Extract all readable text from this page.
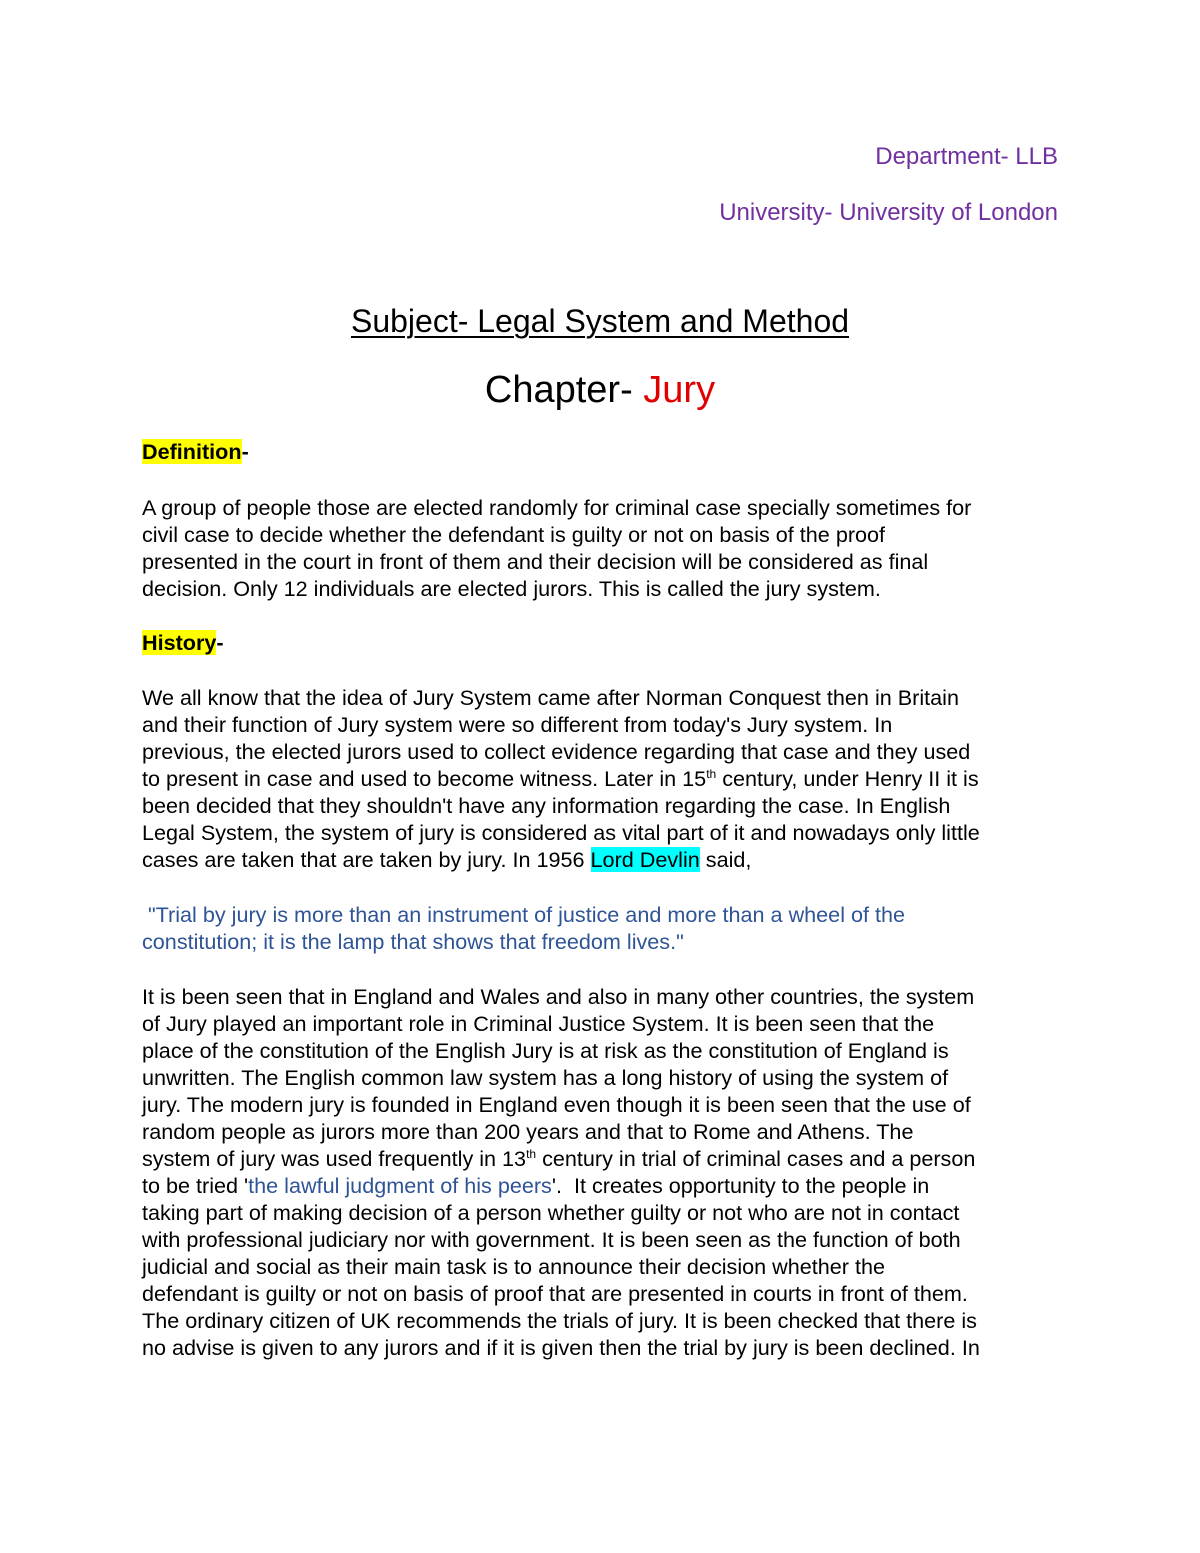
Department- LLB
University- University of London
Subject- Legal System and Method
Chapter- Jury
Definition-
A group of people those are elected randomly for criminal case specially sometimes for
civil case to decide whether the defendant is guilty or not on basis of the proof
presented in the court in front of them and their decision will be considered as final
decision. Only 12 individuals are elected jurors. This is called the jury system.
History-
We all know that the idea of Jury System came after Norman Conquest then in Britain
and their function of Jury system were so different from today's Jury system. In
previous, the elected jurors used to collect evidence regarding that case and they used
to present in case and used to become witness. Later in 15th century, under Henry II it is
been decided that they shouldn't have any information regarding the case. In English
Legal System, the system of jury is considered as vital part of it and nowadays only little
cases are taken that are taken by jury. In 1956 Lord Devlin said,
"Trial by jury is more than an instrument of justice and more than a wheel of the
constitution; it is the lamp that shows that freedom lives."
It is been seen that in England and Wales and also in many other countries, the system
of Jury played an important role in Criminal Justice System. It is been seen that the
place of the constitution of the English Jury is at risk as the constitution of England is
unwritten. The English common law system has a long history of using the system of
jury. The modern jury is founded in England even though it is been seen that the use of
random people as jurors more than 200 years and that to Rome and Athens. The
system of jury was used frequently in 13th century in trial of criminal cases and a person
to be tried 'the lawful judgment of his peers'.  It creates opportunity to the people in
taking part of making decision of a person whether guilty or not who are not in contact
with professional judiciary nor with government. It is been seen as the function of both
judicial and social as their main task is to announce their decision whether the
defendant is guilty or not on basis of proof that are presented in courts in front of them.
The ordinary citizen of UK recommends the trials of jury. It is been checked that there is
no advise is given to any jurors and if it is given then the trial by jury is been declined. In
